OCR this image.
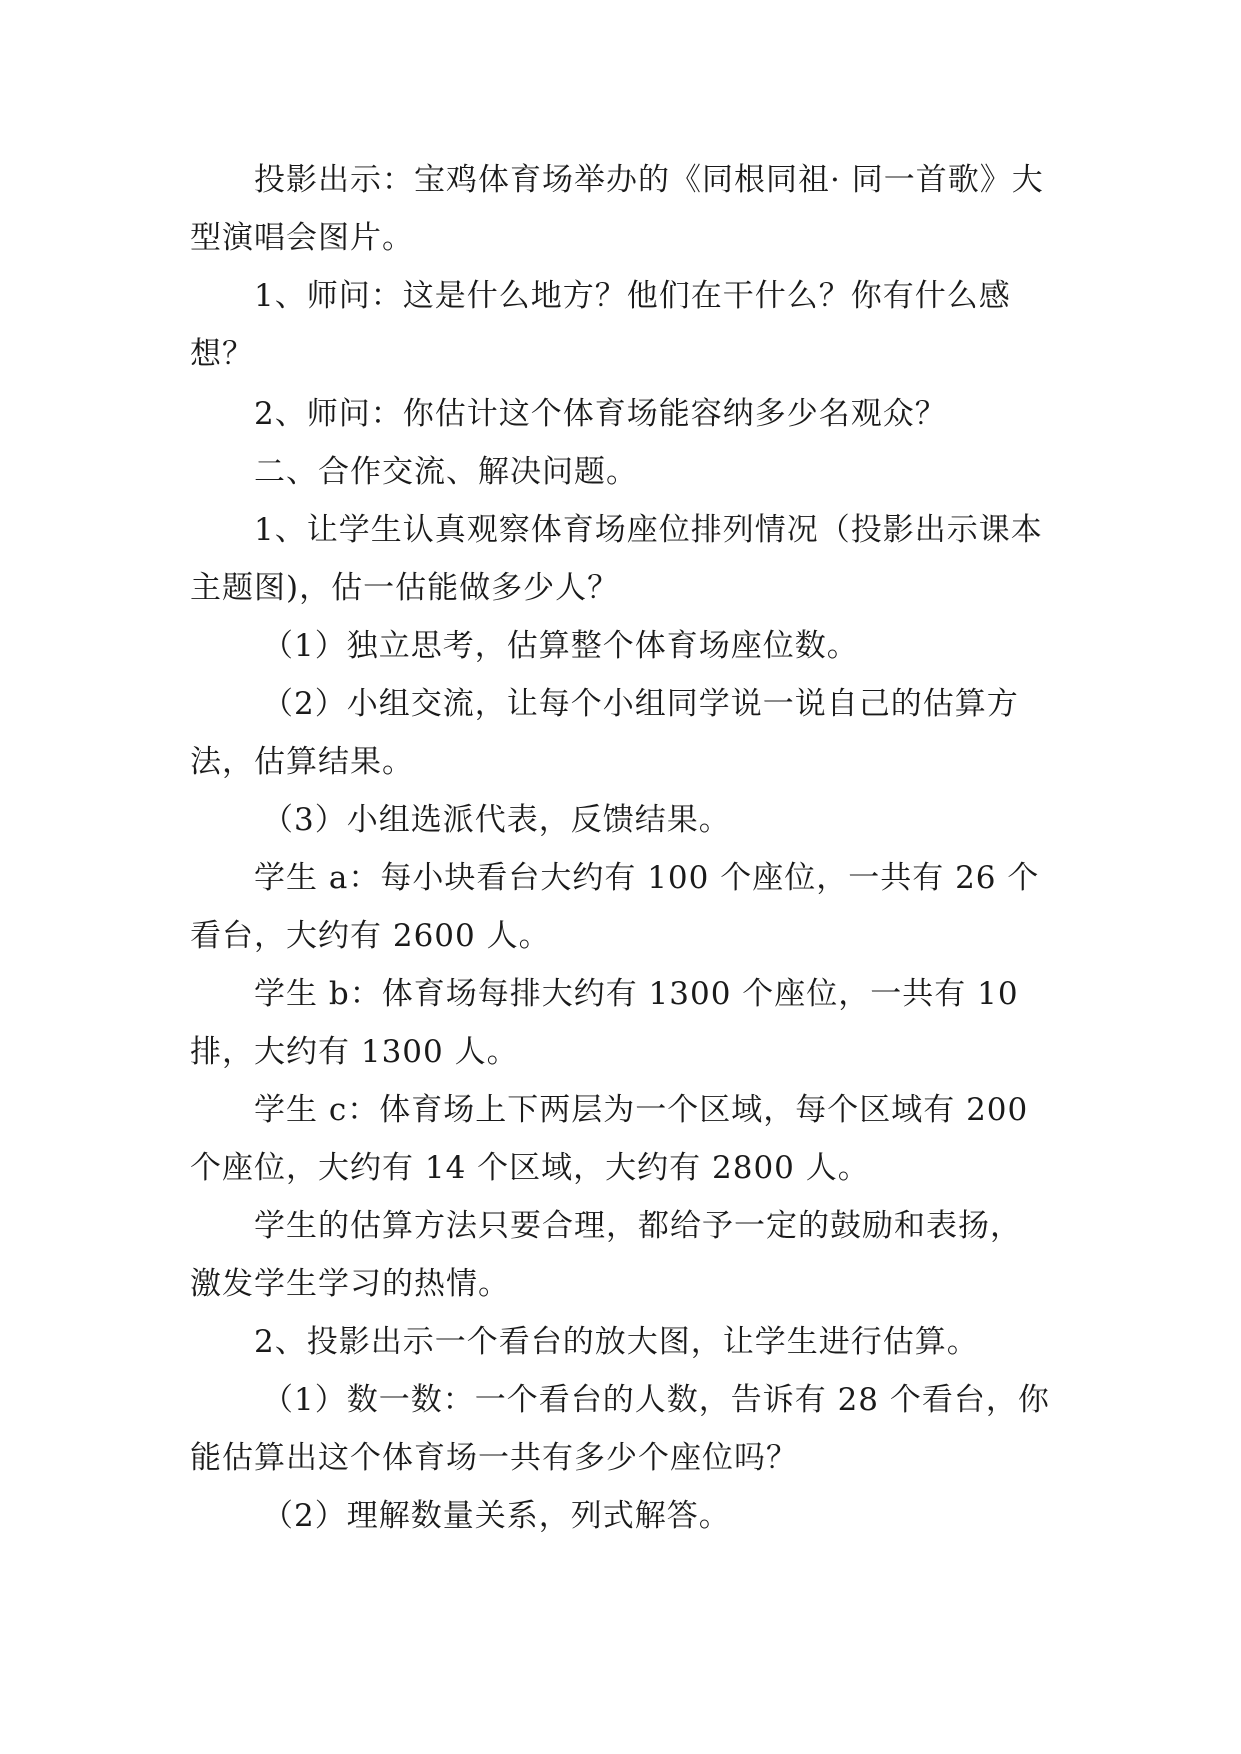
投影出示：宝鸡体育场举办的《同根同祖· 同一首歌》大型演唱会图片。

1、师问：这是什么地方？他们在干什么？你有什么感想？

2、师问：你估计这个体育场能容纳多少名观众？

二、合作交流、解决问题。

1、让学生认真观察体育场座位排列情况（投影出示课本主题图)，估一估能做多少人？

（1）独立思考，估算整个体育场座位数。

（2）小组交流，让每个小组同学说一说自己的估算方法，估算结果。

（3）小组选派代表，反馈结果。

学生 a：每小块看台大约有 100 个座位，一共有 26 个看台，大约有 2600 人。

学生 b：体育场每排大约有 1300 个座位，一共有 10 排，大约有 1300 人。

学生 c：体育场上下两层为一个区域，每个区域有 200 个座位，大约有 14 个区域，大约有 2800 人。

学生的估算方法只要合理，都给予一定的鼓励和表扬，激发学生学习的热情。

2、投影出示一个看台的放大图，让学生进行估算。

（1）数一数：一个看台的人数，告诉有 28 个看台，你能估算出这个体育场一共有多少个座位吗？

（2）理解数量关系，列式解答。
